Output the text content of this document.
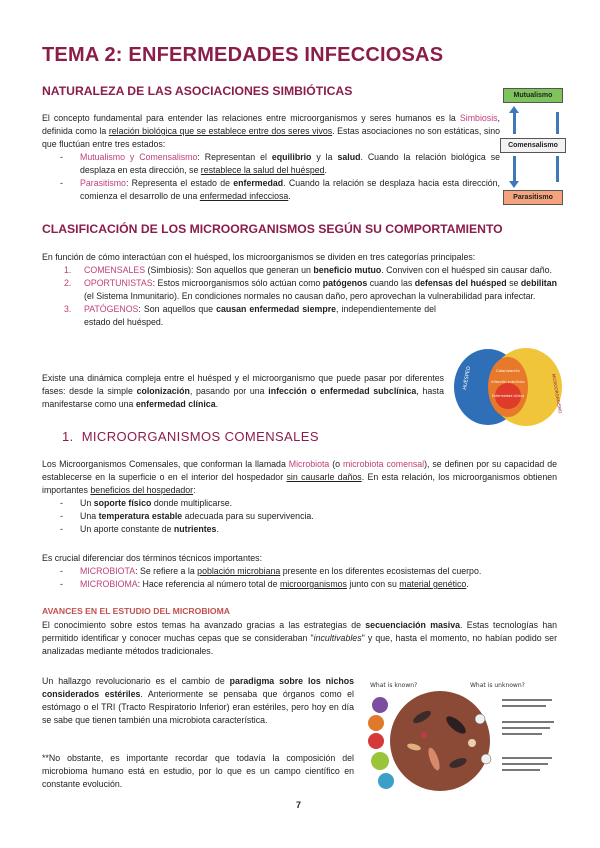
TEMA 2: ENFERMEDADES INFECCIOSAS
NATURALEZA DE LAS ASOCIACIONES SIMBIÓTICAS
El concepto fundamental para entender las relaciones entre microorganismos y seres humanos es la Simbiosis, definida como la relación biológica que se establece entre dos seres vivos. Estas asociaciones no son estáticas, sino que fluctúan entre tres estados:
- Mutualismo y Comensalismo: Representan el equilibrio y la salud. Cuando la relación biológica se desplaza en esta dirección, se restablece la salud del huésped.
- Parasitismo: Representa el estado de enfermedad. Cuando la relación se desplaza hacia esta dirección, comienza el desarrollo de una enfermedad infecciosa.
Mutualismo
Comensalismo
Parasitismo
CLASIFICACIÓN DE LOS MICROORGANISMOS SEGÚN SU COMPORTAMIENTO
En función de cómo interactúan con el huésped, los microorganismos se dividen en tres categorías principales:
1. COMENSALES (Simbiosis): Son aquellos que generan un beneficio mutuo. Conviven con el huésped sin causar daño.
2. OPORTUNISTAS: Estos microorganismos sólo actúan como patógenos cuando las defensas del huésped se debilitan (el Sistema Inmunitario). En condiciones normales no causan daño, pero aprovechan la vulnerabilidad para infectar.
3. PATÓGENOS: Son aquellos que causan enfermedad siempre, independientemente del estado del huésped.
Existe una dinámica compleja entre el huésped y el microorganismo que puede pasar por diferentes fases: desde la simple colonización, pasando por una infección o enfermedad subclínica, hasta manifestarse como una enfermedad clínica.
HUÉSPED	MICROORGANISMO
Colonización
Infección subclínica
Enfermedad clínica
1. MICROORGANISMOS COMENSALES
Los Microorganismos Comensales, que conforman la llamada Microbiota (o microbiota comensal), se definen por su capacidad de establecerse en la superficie o en el interior del hospedador sin causarle daños. En esta relación, los microorganismos obtienen importantes beneficios del hospedador:
- Un soporte físico donde multiplicarse.
- Una temperatura estable adecuada para su supervivencia.
- Un aporte constante de nutrientes.
Es crucial diferenciar dos términos técnicos importantes:
- MICROBIOTA: Se refiere a la población microbiana presente en los diferentes ecosistemas del cuerpo.
- MICROBIOMA: Hace referencia al número total de microorganismos junto con su material genético.
AVANCES EN EL ESTUDIO DEL MICROBIOMA
El conocimiento sobre estos temas ha avanzado gracias a las estrategias de secuenciación masiva. Estas tecnologías han permitido identificar y conocer muchas cepas que se consideraban "incultivables" y que, hasta el momento, no habían podido ser analizadas mediante métodos tradicionales.
Un hallazgo revolucionario es el cambio de paradigma sobre los nichos considerados estériles. Anteriormente se pensaba que órganos como el estómago o el TRI (Tracto Respiratorio Inferior) eran estériles, pero hoy en día se sabe que tienen también una microbiota característica.
**No obstante, es importante recordar que todavía la composición del microbioma humano está en estudio, por lo que es un campo científico en constante evolución.
What is known?	What is unknown?
7
